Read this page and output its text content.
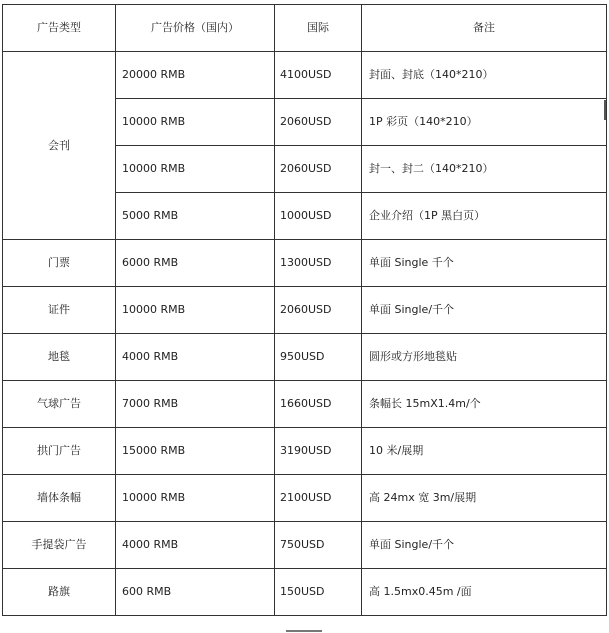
广告类型	广告价格（国内）	国际	备注
会刊	20000 RMB	4100USD	封面、封底（140*210）
	10000 RMB	2060USD	1P 彩页（140*210）
	10000 RMB	2060USD	封一、封二（140*210）
	5000 RMB	1000USD	企业介绍（1P 黑白页）
门票	6000 RMB	1300USD	单面 Single 千个
证件	10000 RMB	2060USD	单面 Single/千个
地毯	4000 RMB	950USD	圆形或方形地毯贴
气球广告	7000 RMB	1660USD	条幅长 15mX1.4m/个
拱门广告	15000 RMB	3190USD	10 米/展期
墙体条幅	10000 RMB	2100USD	高 24mx 宽 3m/展期
手提袋广告	4000 RMB	750USD	单面 Single/千个
路旗	600 RMB	150USD	高 1.5mx0.45m /面
